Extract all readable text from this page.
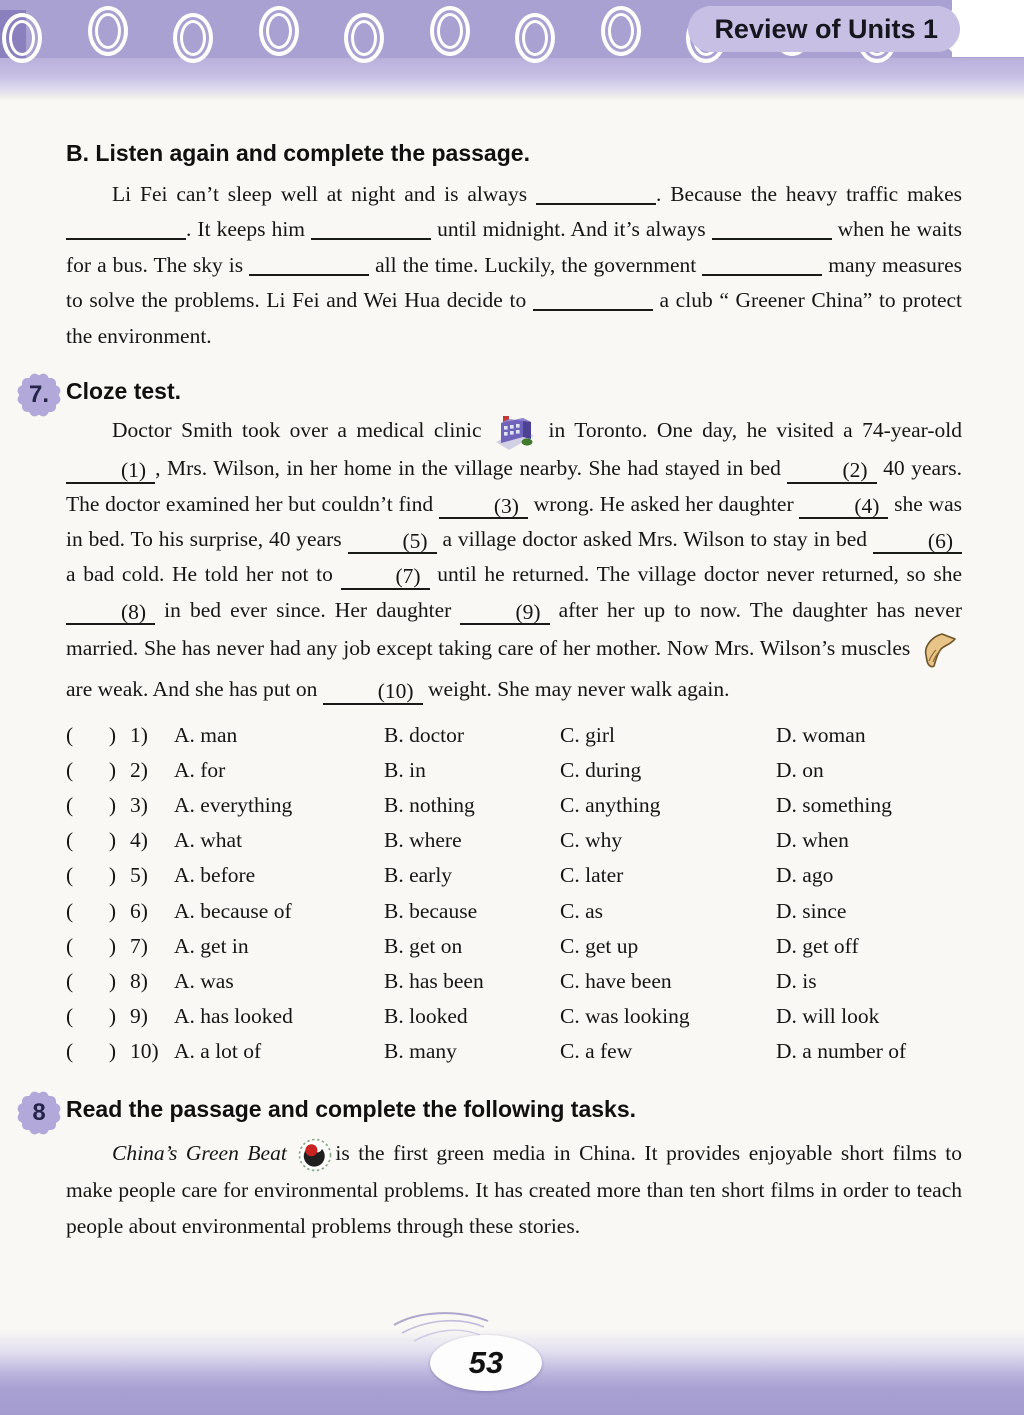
Review of Units 1
B. Listen again and complete the passage.

Li Fei can’t sleep well at night and is always	. Because the heavy traffic makes . It keeps him	until midnight. And it’s always	when he waits for a bus. The sky is	all the time. Luckily, the government	many measures to solve the problems. Li Fei and Wei Hua decide to	a club “ Greener China” to protect the environment.

7. Cloze test.

Doctor Smith took over a medical clinic
in Toronto. One day, he visited a 74-year-old (1) , Mrs. Wilson, in her home in the village nearby. She had stayed in bed	(2) 40 years. The doctor examined her but couldn’t find	(3) wrong. He asked her daughter	(4) she was in bed. To his surprise, 40 years	(5) a village doctor asked Mrs. Wilson to stay in bed	(6) a bad cold. He told her not to	(7) until he returned. The village doctor never returned, so she (8) in bed ever since. Her daughter	(9) after her up to now. The daughter has never married. She has never had any job except taking care of her mother. Now Mrs. Wilson’s muscles
are weak. And she has put on	(10) weight. She may never walk again.

( ) 1)	A. man	B. doctor	C. girl	D. woman
( ) 2)	A. for	B. in	C. during	D. on
( ) 3)	A. everything	B. nothing	C. anything	D. something
( ) 4)	A. what	B. where	C. why	D. when
( ) 5)	A. before	B. early	C. later	D. ago
( ) 6)	A. because of	B. because	C. as	D. since
( ) 7)	A. get in	B. get on	C. get up	D. get off
( ) 8)	A. was	B. has been	C. have been	D. is
( ) 9)	A. has looked	B. looked	C. was looking	D. will look
( ) 10) A. a lot of	B. many	C. a few	D. a number of
8 Read the passage and complete the following tasks.

China’s Green Beat
is the first green media in China. It provides enjoyable short films to make people care for environmental problems. It has created more than ten short films in order to teach people about environmental problems through these stories.

53
